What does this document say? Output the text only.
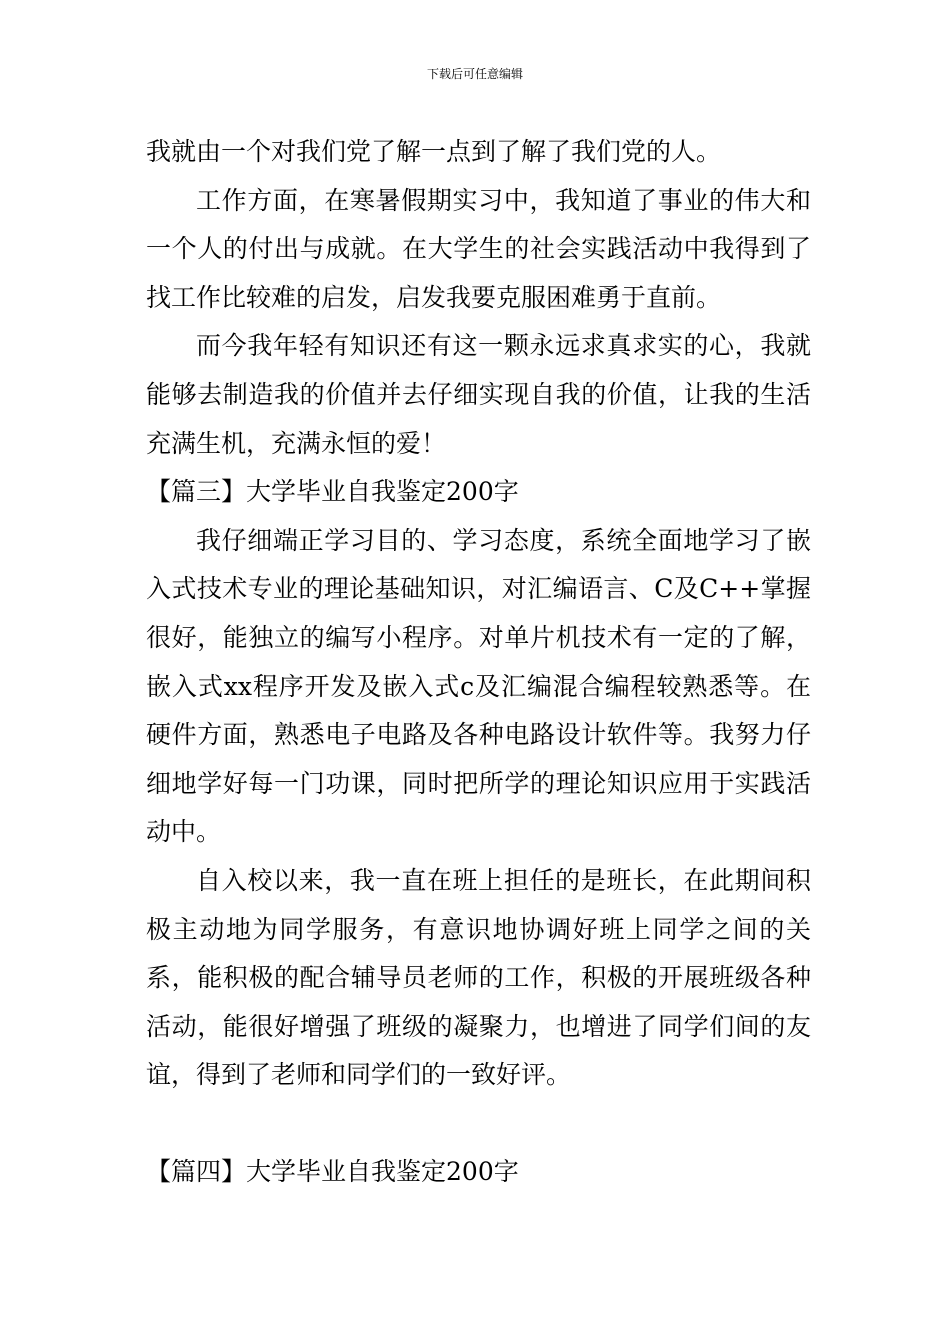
下载后可任意编辑

我就由一个对我们党了解一点到了解了我们党的人。

工作方面，在寒暑假期实习中，我知道了事业的伟大和一个人的付出与成就。在大学生的社会实践活动中我得到了找工作比较难的启发，启发我要克服困难勇于直前。

而今我年轻有知识还有这一颗永远求真求实的心，我就能够去制造我的价值并去仔细实现自我的价值，让我的生活充满生机，充满永恒的爱！

【篇三】大学毕业自我鉴定200字

我仔细端正学习目的、学习态度，系统全面地学习了嵌入式技术专业的理论基础知识，对汇编语言、C及C++掌握很好，能独立的编写小程序。对单片机技术有一定的了解，嵌入式xx程序开发及嵌入式c及汇编混合编程较熟悉等。在硬件方面，熟悉电子电路及各种电路设计软件等。我努力仔细地学好每一门功课，同时把所学的理论知识应用于实践活动中。

自入校以来，我一直在班上担任的是班长，在此期间积极主动地为同学服务，有意识地协调好班上同学之间的关系，能积极的配合辅导员老师的工作，积极的开展班级各种活动，能很好增强了班级的凝聚力，也增进了同学们间的友谊，得到了老师和同学们的一致好评。

【篇四】大学毕业自我鉴定200字
